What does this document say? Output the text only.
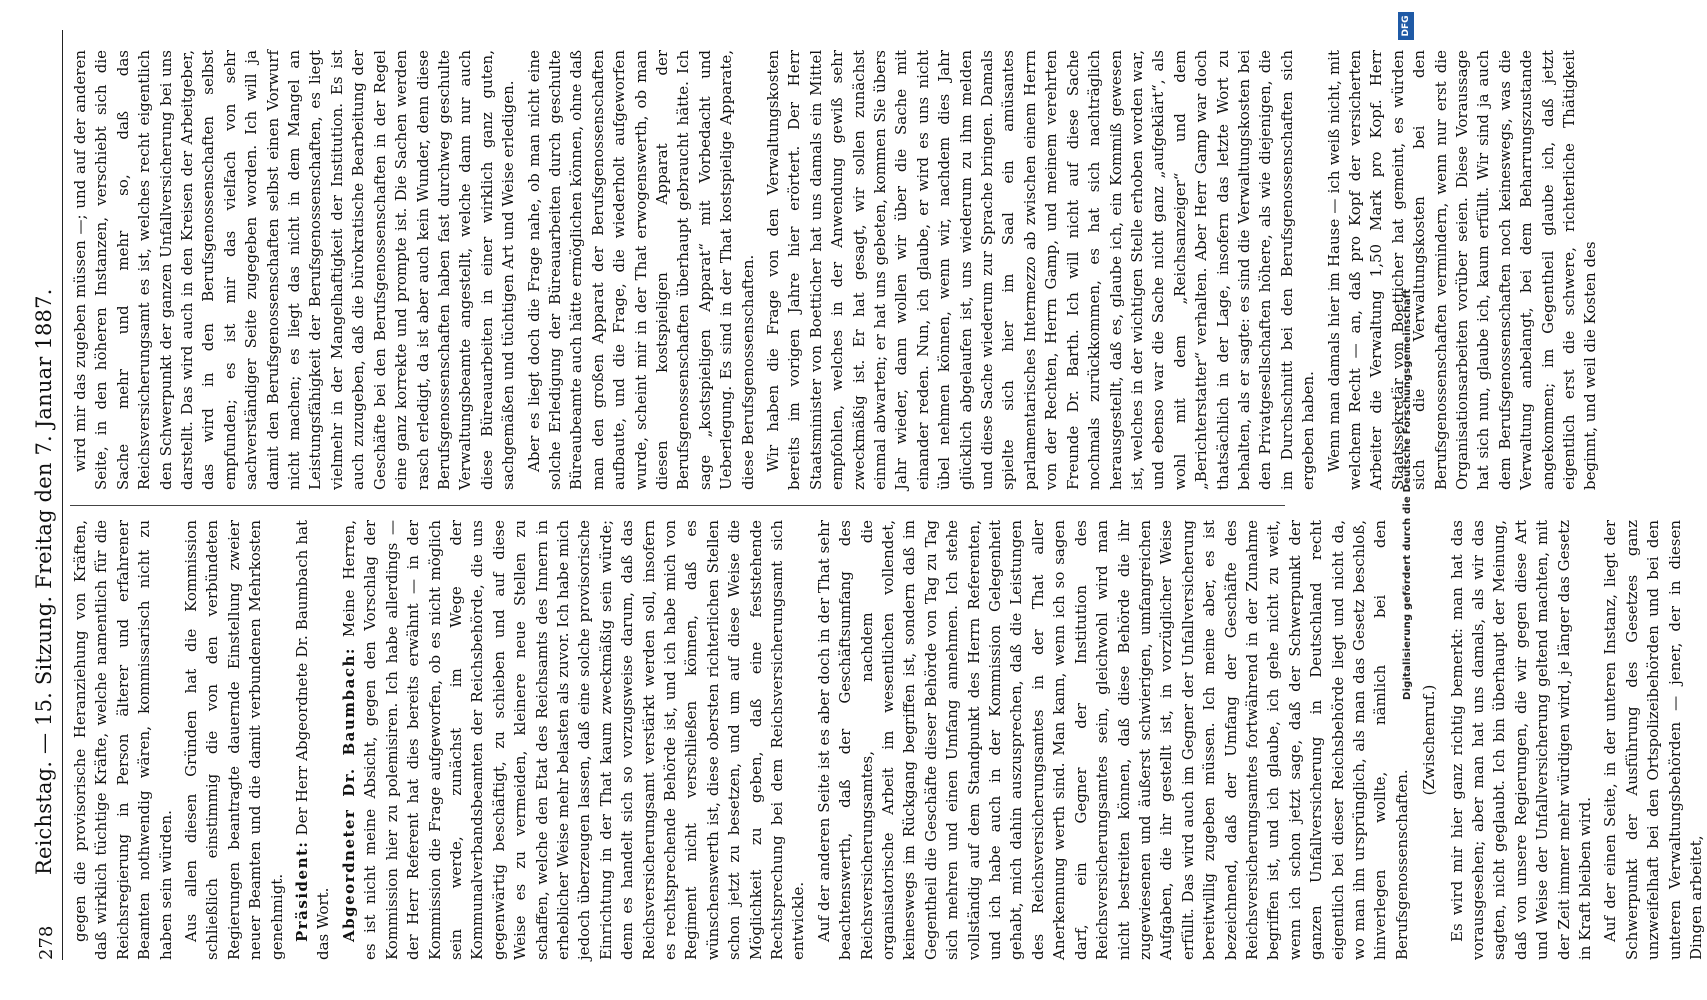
278
Reichstag. — 15. Sitzung. Freitag den 7. Januar 1887. gegen die provisorische Heranziehung von Kräften, daß wirklich tüchtige Kräfte, welche namentlich für die Reichsregierung in Person älterer und erfahrener Beamten nothwendig wären, kommissarisch nicht zu haben sein würden. Aus allen diesen Gründen hat die Kommission schließlich einstimmig die von den verbündeten Regierungen beantragte dauernde Einstellung zweier neuer Beamten und die damit verbundenen Mehrkosten genehmigt. Präsident: Der Herr Abgeordnete Dr. Baumbach hat das Wort. Abgeordneter Dr. Baumbach: Meine Herren, es ist nicht meine Absicht, gegen den Vorschlag der Kommission hier zu polemisiren. Ich habe allerdings — der Herr Referent hat dies bereits erwähnt — in der Kommission die Frage aufgeworfen, ob es nicht möglich sein werde, zunächst im Wege der Kommunalverbandsbeamten der Reichsbehörde, die uns gegenwärtig beschäftigt, zu schieben und auf diese Weise es zu vermeiden, kleinere neue Stellen zu schaffen, welche den Etat des Reichsamts des Innern in erheblicher Weise mehr belasten als zuvor. Ich habe mich jedoch überzeugen lassen, daß eine solche provisorische Einrichtung in der That kaum zweckmäßig sein würde; denn es handelt sich so vorzugsweise darum, daß das Reichsversicherungsamt verstärkt werden soll, insofern es rechtsprechende Behörde ist, und ich habe mich von Regiment nicht verschließen können, daß es wünschenswerth ist, diese obersten richterlichen Stellen schon jetzt zu besetzen, und um auf diese Weise die Möglichkeit zu geben, daß eine feststehende Rechtsprechung bei dem Reichsversicherungsamt sich entwickle. Auf der anderen Seite ist es aber doch in der That sehr beachtenswerth, daß der Geschäftsumfang des Reichsversicherungsamtes, nachdem die organisatorische Arbeit im wesentlichen vollendet, keineswegs im Rückgang begriffen ist, sondern daß im Gegentheil die Geschäfte dieser Behörde von Tag zu Tag sich mehren und einen Umfang annehmen. Ich stehe vollständig auf dem Standpunkt des Herrn Referenten, und ich habe auch in der Kommission Gelegenheit gehabt, mich dahin auszusprechen, daß die Leistungen des Reichsversicherungsamtes in der That aller Anerkennung werth sind. Man kann, wenn ich so sagen darf, ein Gegner der Institution des Reichsversicherungsamtes sein, gleichwohl wird man nicht bestreiten können, daß diese Behörde die ihr zugewiesenen und äußerst schwierigen, umfangreichen Aufgaben, die ihr gestellt ist, in vorzüglicher Weise erfüllt. Das wird auch im Gegner der Unfallversicherung bereitwillig zugeben müssen. Ich meine aber, es ist bezeichnend, daß der Umfang der Geschäfte des Reichsversicherungsamtes fortwährend in der Zunahme begriffen ist, und ich glaube, ich gehe nicht zu weit, wenn ich schon jetzt sage, daß der Schwerpunkt der ganzen Unfallversicherung in Deutschland recht eigentlich bei dieser Reichsbehörde liegt und nicht da, wo man ihn ursprünglich, als man das Gesetz beschloß, hinverlegen wollte, nämlich bei den Berufsgenossenschaften.

(Zwischenruf.) Es wird mir hier ganz richtig bemerkt: man hat das vorausgesehen; aber man hat uns damals, als wir das sagten, nicht geglaubt. Ich bin überhaupt der Meinung, daß von unsere Regierungen, die wir gegen diese Art und Weise der Unfallversicherung geltend machten, mit der Zeit immer mehr würdigen wird, je länger das Gesetz in Kraft bleiben wird. Auf der einen Seite, in der unteren Instanz, liegt der Schwerpunkt der Ausführung des Gesetzes ganz unzweifelhaft bei den Ortspolizeibehörden und bei den unteren Verwaltungsbehörden — jener, der in diesen Dingen arbeitet,

wird mir das zugeben müssen —; und auf der anderen Seite, in den höheren Instanzen, verschiebt sich die Sache mehr und mehr so, daß das Reichsversicherungsamt es ist, welches recht eigentlich den Schwerpunkt der ganzen Unfallversicherung bei uns darstellt. Das wird auch in den Kreisen der Arbeitgeber, das wird in den Berufsgenossenschaften selbst empfunden; es ist mir das vielfach von sehr sachverständiger Seite zugegeben worden. Ich will ja damit den Berufsgenossenschaften selbst einen Vorwurf nicht machen; es liegt das nicht in dem Mangel an Leistungsfähigkeit der Berufsgenossenschaften, es liegt vielmehr in der Mangelhaftigkeit der Institution. Es ist auch zuzugeben, daß die bürokratische Bearbeitung der Geschäfte bei den Berufsgenossenschaften in der Regel eine ganz korrekte und prompte ist. Die Sachen werden rasch erledigt, da ist aber auch kein Wunder, denn diese Berufsgenossenschaften haben fast durchweg geschulte Verwaltungsbeamte angestellt, welche dann nur auch diese Büreauarbeiten in einer wirklich ganz guten, sachgemäßen und tüchtigen Art und Weise erledigen. Aber es liegt doch die Frage nahe, ob man nicht eine solche Erledigung der Büreauarbeiten durch geschulte Büreaubeamte auch hätte ermöglichen können, ohne daß man den großen Apparat der Berufsgenossenschaften aufbaute, und die Frage, die wiederholt aufgeworfen wurde, scheint mir in der That erwogenswerth, ob man diesen kostspieligen Apparat der Berufsgenossenschaften überhaupt gebraucht hätte. Ich sage „kostspieligen Apparat“ mit Vorbedacht und Ueberlegung. Es sind in der That kostspielige Apparate, diese Berufsgenossenschaften. Wir haben die Frage von den Verwaltungskosten bereits im vorigen Jahre hier erörtert. Der Herr Staatsminister von Boetticher hat uns damals ein Mittel empfohlen, welches in der Anwendung gewiß sehr zweckmäßig ist. Er hat gesagt, wir sollen zunächst einmal abwarten; er hat uns gebeten, kommen Sie übers Jahr wieder, dann wollen wir über die Sache mit einander reden. Nun, ich glaube, er wird es uns nicht übel nehmen können, wenn wir, nachdem dies Jahr glücklich abgelaufen ist, uns wiederum zu ihm melden und diese Sache wiederum zur Sprache bringen. Damals spielte sich hier im Saal ein amüsantes parlamentarisches Intermezzo ab zwischen einem Herrn von der Rechten, Herrn Gamp, und meinem verehrten Freunde Dr. Barth. Ich will nicht auf diese Sache nochmals zurückkommen, es hat sich nachträglich herausgestellt, daß es, glaube ich, ein Kommiß gewesen ist, welches in der wichtigen Stelle erhoben worden war, und ebenso war die Sache nicht ganz „aufgeklärt“, als wohl mit dem „Reichsanzeiger“ und dem „Berichterstatter“ verhalten. Aber Herr Gamp war doch thatsächlich in der Lage, insofern das letzte Wort zu behalten, als er sagte: es sind die Verwaltungskosten bei den Privatgesellschaften höhere, als wie diejenigen, die im Durchschnitt bei den Berufsgenossenschaften sich ergeben haben. Wenn man damals hier im Hause — ich weiß nicht, mit welchem Recht — an, daß pro Kopf der versicherten Arbeiter die Verwaltung 1,50 Mark pro Kopf. Herr Staatssekretär von Boetticher hat gemeint, es würden sich die Verwaltungskosten bei den Berufsgenossenschaften vermindern, wenn nur erst die Organisationsarbeiten vorüber seien. Diese Voraussage hat sich nun, glaube ich, kaum erfüllt. Wir sind ja auch dem Berufsgenossenschaften noch keineswegs, was die Verwaltung anbelangt, bei dem Beharrungszustande angekommen; im Gegentheil glaube ich, daß jetzt eigentlich erst die schwere, richterliche Thätigkeit beginnt, und weil die Kosten des

Digitalisierung gefördert durch die Deutsche Forschungsgemeinschaft
DFG
